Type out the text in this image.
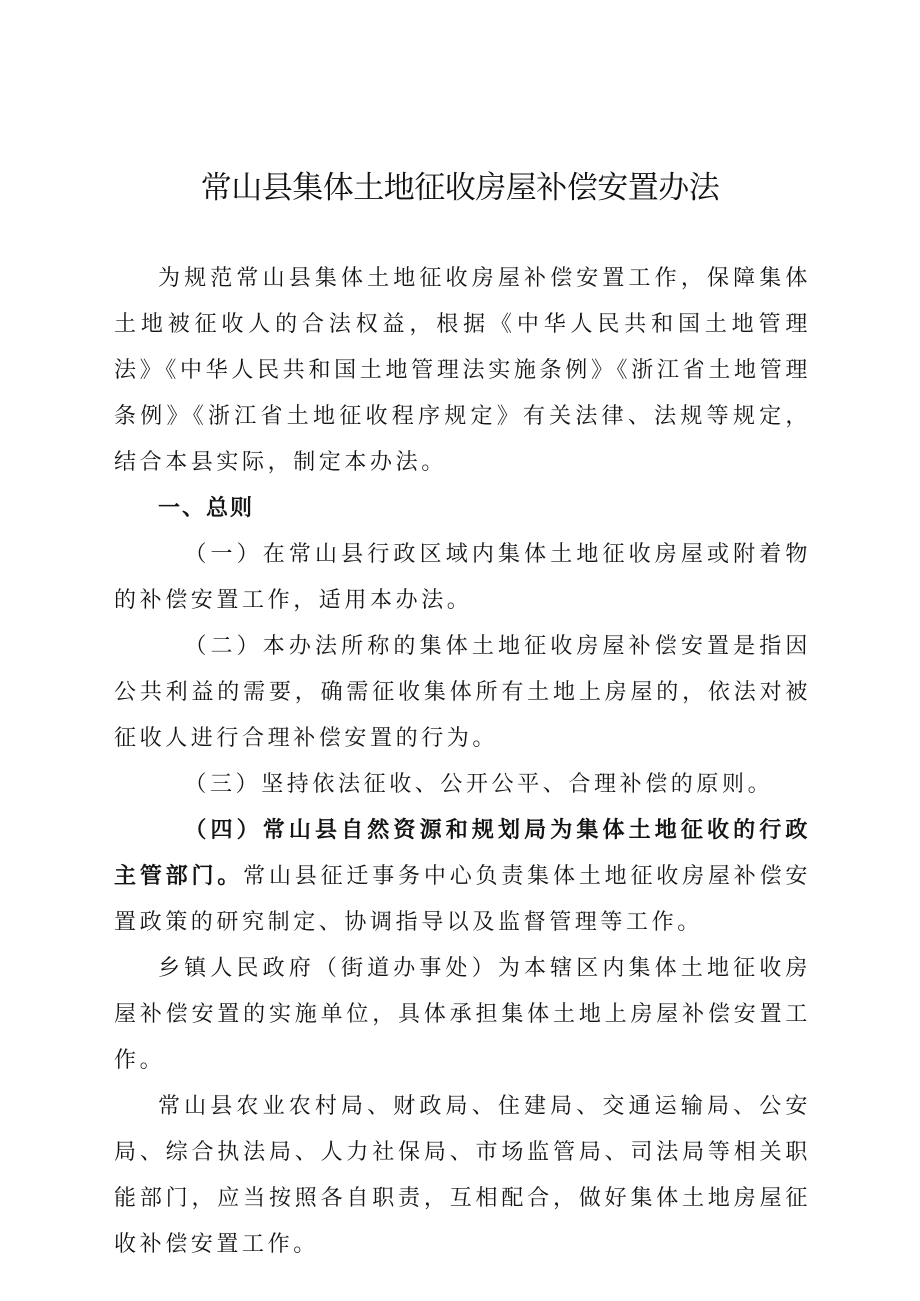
常山县集体土地征收房屋补偿安置办法

为规范常山县集体土地征收房屋补偿安置工作，保障集体土地被征收人的合法权益，根据《中华人民共和国土地管理法》《中华人民共和国土地管理法实施条例》《浙江省土地管理条例》《浙江省土地征收程序规定》有关法律、法规等规定，结合本县实际，制定本办法。

一、总则

（一）在常山县行政区域内集体土地征收房屋或附着物的补偿安置工作，适用本办法。

（二）本办法所称的集体土地征收房屋补偿安置是指因公共利益的需要，确需征收集体所有土地上房屋的，依法对被征收人进行合理补偿安置的行为。

（三）坚持依法征收、公开公平、合理补偿的原则。

（四）常山县自然资源和规划局为集体土地征收的行政主管部门。常山县征迁事务中心负责集体土地征收房屋补偿安置政策的研究制定、协调指导以及监督管理等工作。

乡镇人民政府（街道办事处）为本辖区内集体土地征收房屋补偿安置的实施单位，具体承担集体土地上房屋补偿安置工作。

常山县农业农村局、财政局、住建局、交通运输局、公安局、综合执法局、人力社保局、市场监管局、司法局等相关职能部门，应当按照各自职责，互相配合，做好集体土地房屋征收补偿安置工作。
